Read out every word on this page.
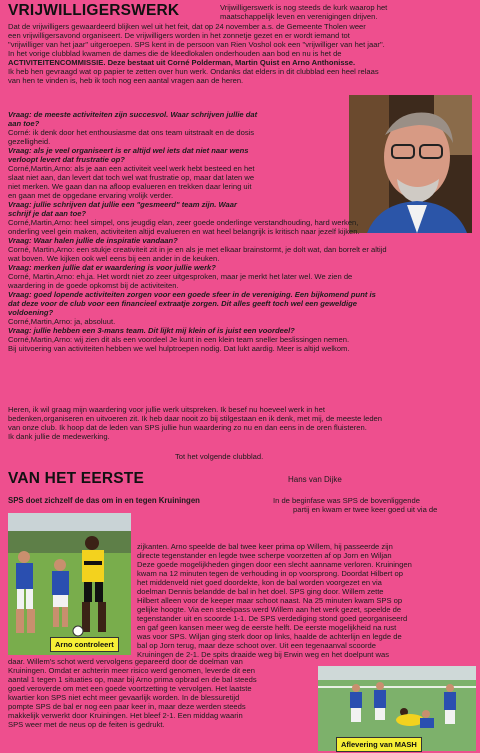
VRIJWILLIGERSWERK	Vrijwilligerswerk is nog steeds de kurk waarop het
maatschappelijk leven en verenigingen drijven.
Dat de vrijwilligers gewaardeerd blijken wel uit het feit, dat op 24 november a.s. de Gemeente Tholen weer
een vrijwilligersavond organiseert. De vrijwilligers worden in het zonnetje gezet en er wordt iemand tot
"vrijwilliger van het jaar" uitgeroepen. SPS kent in de persoon van Rien Voshol ook een "vrijwilliger van het jaar".
In het vorige clubblad kwamen de dames die de kleedlokalen onderhouden aan bod en nu is het de
ACTIVITEITENCOMMISSIE. Deze bestaat uit Corné Polderman, Martin Quist en Arno Anthonisse.
Ik heb hen gevraagd wat op papier te zetten over hun werk. Ondanks dat elders in dit clubblad een heel relaas
van hen te vinden is, heb ik toch nog een aantal vragen aan de heren.
Vraag: de meeste activiteiten zijn succesvol. Waar schrijven jullie dat
aan toe?
Corné: ik denk door het enthousiasme dat ons team uitstraalt en de dosis
gezelligheid.
Vraag: als je veel organiseert is er altijd wel iets dat niet naar wens
verloopt levert dat frustratie op?
Corné,Martin,Arno: als je aan een activiteit veel werk hebt besteed en het
slaat niet aan, dan levert dat toch wel wat frustratie op, maar dat laten we
niet merken. We gaan dan na afloop evalueren en trekken daar lering uit
en gaan met de opgedane ervaring vrolijk verder.
Vraag: jullie schrijven dat jullie een "gesmeerd" team zijn. Waar
schrijf je dat aan toe?
Corné,Martin,Arno: heel simpel, ons jeugdig elan, zeer goede onderlinge verstandhouding, hard werken,
onderling veel gein maken, activiteiten altijd evalueren en wat heel belangrijk is kritisch naar jezelf kijken.
Vraag: Waar halen jullie de inspiratie vandaan?
Corné, Martin,Arno: een stukje creativiteit zit in je en als je met elkaar brainstormt, je dolt wat, dan borrelt er altijd
wat boven. We kijken ook wel eens bij een ander in de keuken.
Vraag: merken jullie dat er waardering is voor jullie werk?
Corné, Martin,Arno: eh,ja. Het wordt niet zo zeer uitgesproken, maar je merkt het later wel. We zien de
waardering in de goede opkomst bij de activiteiten.
Vraag: goed lopende activiteiten zorgen voor een goede sfeer in de vereniging. Een bijkomend punt is
dat deze voor de club voor een financieel extraatje zorgen. Dit alles geeft toch wel een geweldige
voldoening?
Corné,Martin,Arno: ja, absoluut.
Vraag: jullie hebben een 3-mans team. Dit lijkt mij klein of is juist een voordeel?
Corné,Martin,Arno: wij zien dit als een voordeel Je kunt in een klein team sneller beslissingen nemen.
Bij uitvoering van activiteiten hebben we wel hulptroepen nodig. Dat lukt aardig. Meer is altijd welkom.
Heren, ik wil graag mijn waardering voor jullie werk uitspreken. Ik besef nu hoeveel werk in het
bedenken,organiseren en uitvoeren zit. Ik heb daar nooit zo bij stilgestaan en ik denk, met mij, de meeste leden
van onze club. Ik hoop dat de leden van SPS jullie hun waardering zo nu en dan eens in de oren fluisteren.
Ik dank jullie de medewerking.
Tot het volgende clubblad.
VAN HET EERSTE	Hans van Dijke
SPS doet zichzelf de das om in en tegen Kruiningen	In de beginfase was SPS de bovenliggende
partij en kwam er twee keer goed uit via de
Arno controleert
zijkanten. Arno speelde de bal twee keer prima op Willem, hij passeerde zijn
directe tegenstander en legde twee scherpe voorzetten af op Jorn en Wiljan
Deze goede mogelijkheden gingen door een slecht aanname verloren. Kruiningen
kwam na 12 minuten tegen de verhouding in op voorsprong. Doordat Hilbert op
het middenveld niet goed doordekte, kon de bal worden voorgezet en via
doelman Dennis belandde de bal in het doel. SPS ging door. Willem zette
Hilbert alleen voor de keeper maar schoot naast. Na 25 minuten kwam SPS op
gelijke hoogte. Via een steekpass werd Willem aan het werk gezet, speelde de
tegenstander uit en scoorde 1-1. De SPS verdediging stond goed georganiseerd
en gaf geen kansen meer weg de eerste helft. De eerste mogelijkheid na rust
was voor SPS. Wiljan ging sterk door op links, haalde de achterlijn en legde de
bal op Jorn terug, maar deze schoot over. Uit een tegenaanval scoorde
Kruiningen de 2-1. De spits draaide weg bij Erwin weg en het doelpunt was
daar. Willem's schot werd vervolgens gepareerd door de doelman van
Kruiningen. Omdat er achterin meer risico werd genomen, leverde dit een
aantal 1 tegen 1 situaties op, maar bij Arno prima opbrad en de bal steeds
goed veroverde om met een goede voortzetting te vervolgen. Het laatste
kwartier kon SPS niet echt meer gevaarlijk worden. In de blessuretijd
pompte SPS de bal er nog een paar keer in, maar deze werden steeds
makkelijk verwerkt door Kruiningen. Het bleef 2-1. Een middag waarin
SPS weer met de neus op de feiten is gedrukt.
Aflevering van MASH
